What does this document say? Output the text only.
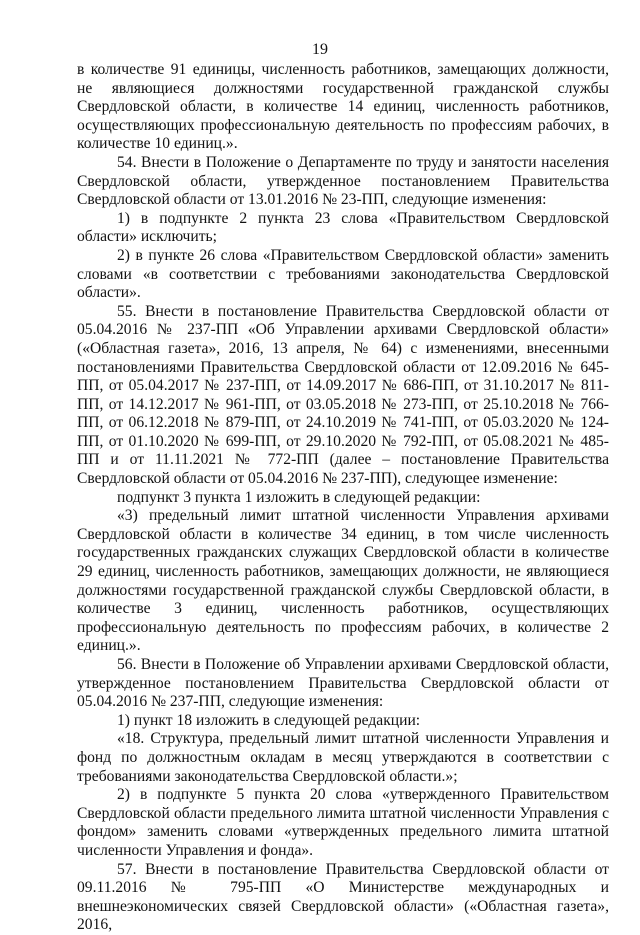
19

в количестве 91 единицы, численность работников, замещающих должности, не являющиеся должностями государственной гражданской службы Свердловской области, в количестве 14 единиц, численность работников, осуществляющих профессиональную деятельность по профессиям рабочих, в количестве 10 единиц.».

54. Внести в Положение о Департаменте по труду и занятости населения Свердловской области, утвержденное постановлением Правительства Свердловской области от 13.01.2016 № 23-ПП, следующие изменения:

1) в подпункте 2 пункта 23 слова «Правительством Свердловской области» исключить;

2) в пункте 26 слова «Правительством Свердловской области» заменить словами «в соответствии с требованиями законодательства Свердловской области».

55. Внести в постановление Правительства Свердловской области от 05.04.2016 № 237-ПП «Об Управлении архивами Свердловской области» («Областная газета», 2016, 13 апреля, № 64) с изменениями, внесенными постановлениями Правительства Свердловской области от 12.09.2016 № 645-ПП, от 05.04.2017 № 237-ПП, от 14.09.2017 № 686-ПП, от 31.10.2017 № 811-ПП, от 14.12.2017 № 961-ПП, от 03.05.2018 № 273-ПП, от 25.10.2018 № 766-ПП, от 06.12.2018 № 879-ПП, от 24.10.2019 № 741-ПП, от 05.03.2020 № 124-ПП, от 01.10.2020 № 699-ПП, от 29.10.2020 № 792-ПП, от 05.08.2021 № 485-ПП и от 11.11.2021 № 772-ПП (далее – постановление Правительства Свердловской области от 05.04.2016 № 237-ПП), следующее изменение:

подпункт 3 пункта 1 изложить в следующей редакции:

«3) предельный лимит штатной численности Управления архивами Свердловской области в количестве 34 единиц, в том числе численность государственных гражданских служащих Свердловской области в количестве 29 единиц, численность работников, замещающих должности, не являющиеся должностями государственной гражданской службы Свердловской области, в количестве 3 единиц, численность работников, осуществляющих профессиональную деятельность по профессиям рабочих, в количестве 2 единиц.».

56. Внести в Положение об Управлении архивами Свердловской области, утвержденное постановлением Правительства Свердловской области от 05.04.2016 № 237-ПП, следующие изменения:

1) пункт 18 изложить в следующей редакции:

«18. Структура, предельный лимит штатной численности Управления и фонд по должностным окладам в месяц утверждаются в соответствии с требованиями законодательства Свердловской области.»;

2) в подпункте 5 пункта 20 слова «утвержденного Правительством Свердловской области предельного лимита штатной численности Управления с фондом» заменить словами «утвержденных предельного лимита штатной численности Управления и фонда».

57. Внести в постановление Правительства Свердловской области от 09.11.2016 № 795-ПП «О Министерстве международных и внешнеэкономических связей Свердловской области» («Областная газета», 2016,
